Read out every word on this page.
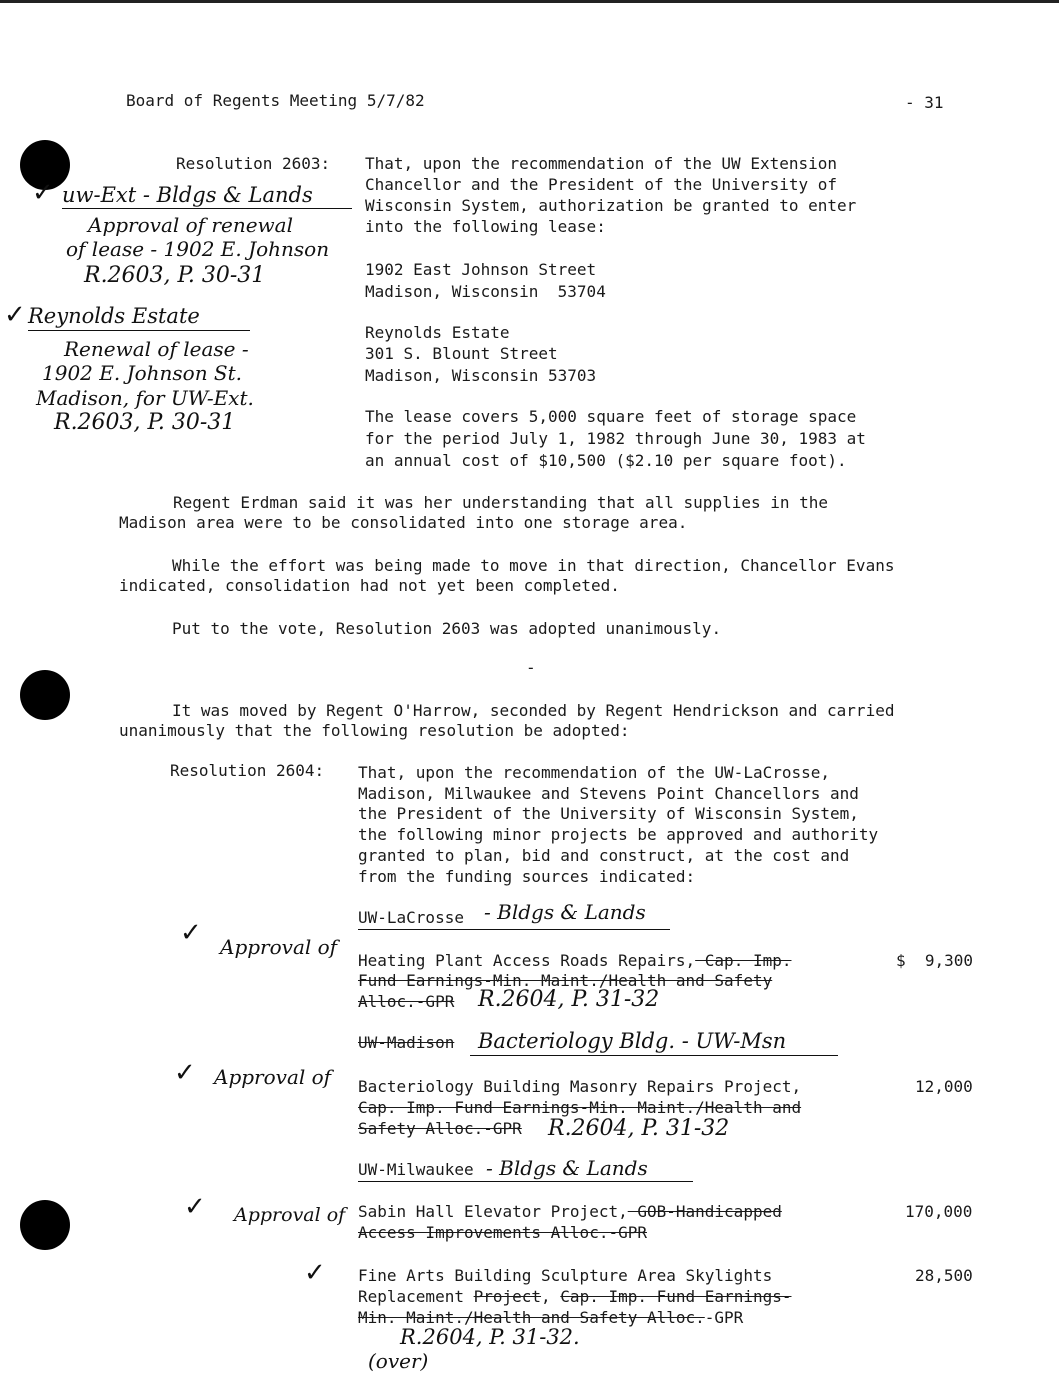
Board of Regents Meeting 5/7/82	- 31
Resolution 2603: That, upon the recommendation of the UW Extension
Chancellor and the President of the University of
Wisconsin System, authorization be granted to enter
into the following lease:
1902 East Johnson Street
Madison, Wisconsin  53704
Reynolds Estate
301 S. Blount Street
Madison, Wisconsin 53703
The lease covers 5,000 square feet of storage space
for the period July 1, 1982 through June 30, 1983 at
an annual cost of $10,500 ($2.10 per square foot).
Regent Erdman said it was her understanding that all supplies in the
Madison area were to be consolidated into one storage area.
While the effort was being made to move in that direction, Chancellor Evans
indicated, consolidation had not yet been completed.
Put to the vote, Resolution 2603 was adopted unanimously.
-
It was moved by Regent O'Harrow, seconded by Regent Hendrickson and carried
unanimously that the following resolution be adopted:
Resolution 2604: That, upon the recommendation of the UW-LaCrosse,
Madison, Milwaukee and Stevens Point Chancellors and
the President of the University of Wisconsin System,
the following minor projects be approved and authority
granted to plan, bid and construct, at the cost and
from the funding sources indicated:
UW-LaCrosse
Heating Plant Access Roads Repairs, Cap. Imp.
Fund Earnings-Min. Maint./Health and Safety
Alloc.-GPR
$  9,300
UW-Madison
Bacteriology Building Masonry Repairs Project,
Cap. Imp. Fund Earnings-Min. Maint./Health and
Safety Alloc.-GPR
12,000
UW-Milwaukee
Sabin Hall Elevator Project, GOB-Handicapped
Access Improvements Alloc.-GPR
170,000
Fine Arts Building Sculpture Area Skylights
Replacement Project, Cap. Imp. Fund Earnings-
Min. Maint./Health and Safety Alloc.-GPR
28,500
✓ uw-Ext - Bldgs & Lands
Approval of renewal
of lease - 1902 E. Johnson
R.2603, P. 30-31
✓ Reynolds Estate
Renewal of lease -
1902 E. Johnson St.
Madison, for UW-Ext.
R.2603, P. 30-31
✓ Approval of
- Bldgs & Lands
R.2604, P. 31-32
Bacteriology Bldg. - UW-Msn
✓ Approval of
R.2604, P. 31-32
- Bldgs & Lands
✓ Approval of
✓
R.2604, P. 31-32.
(over)
